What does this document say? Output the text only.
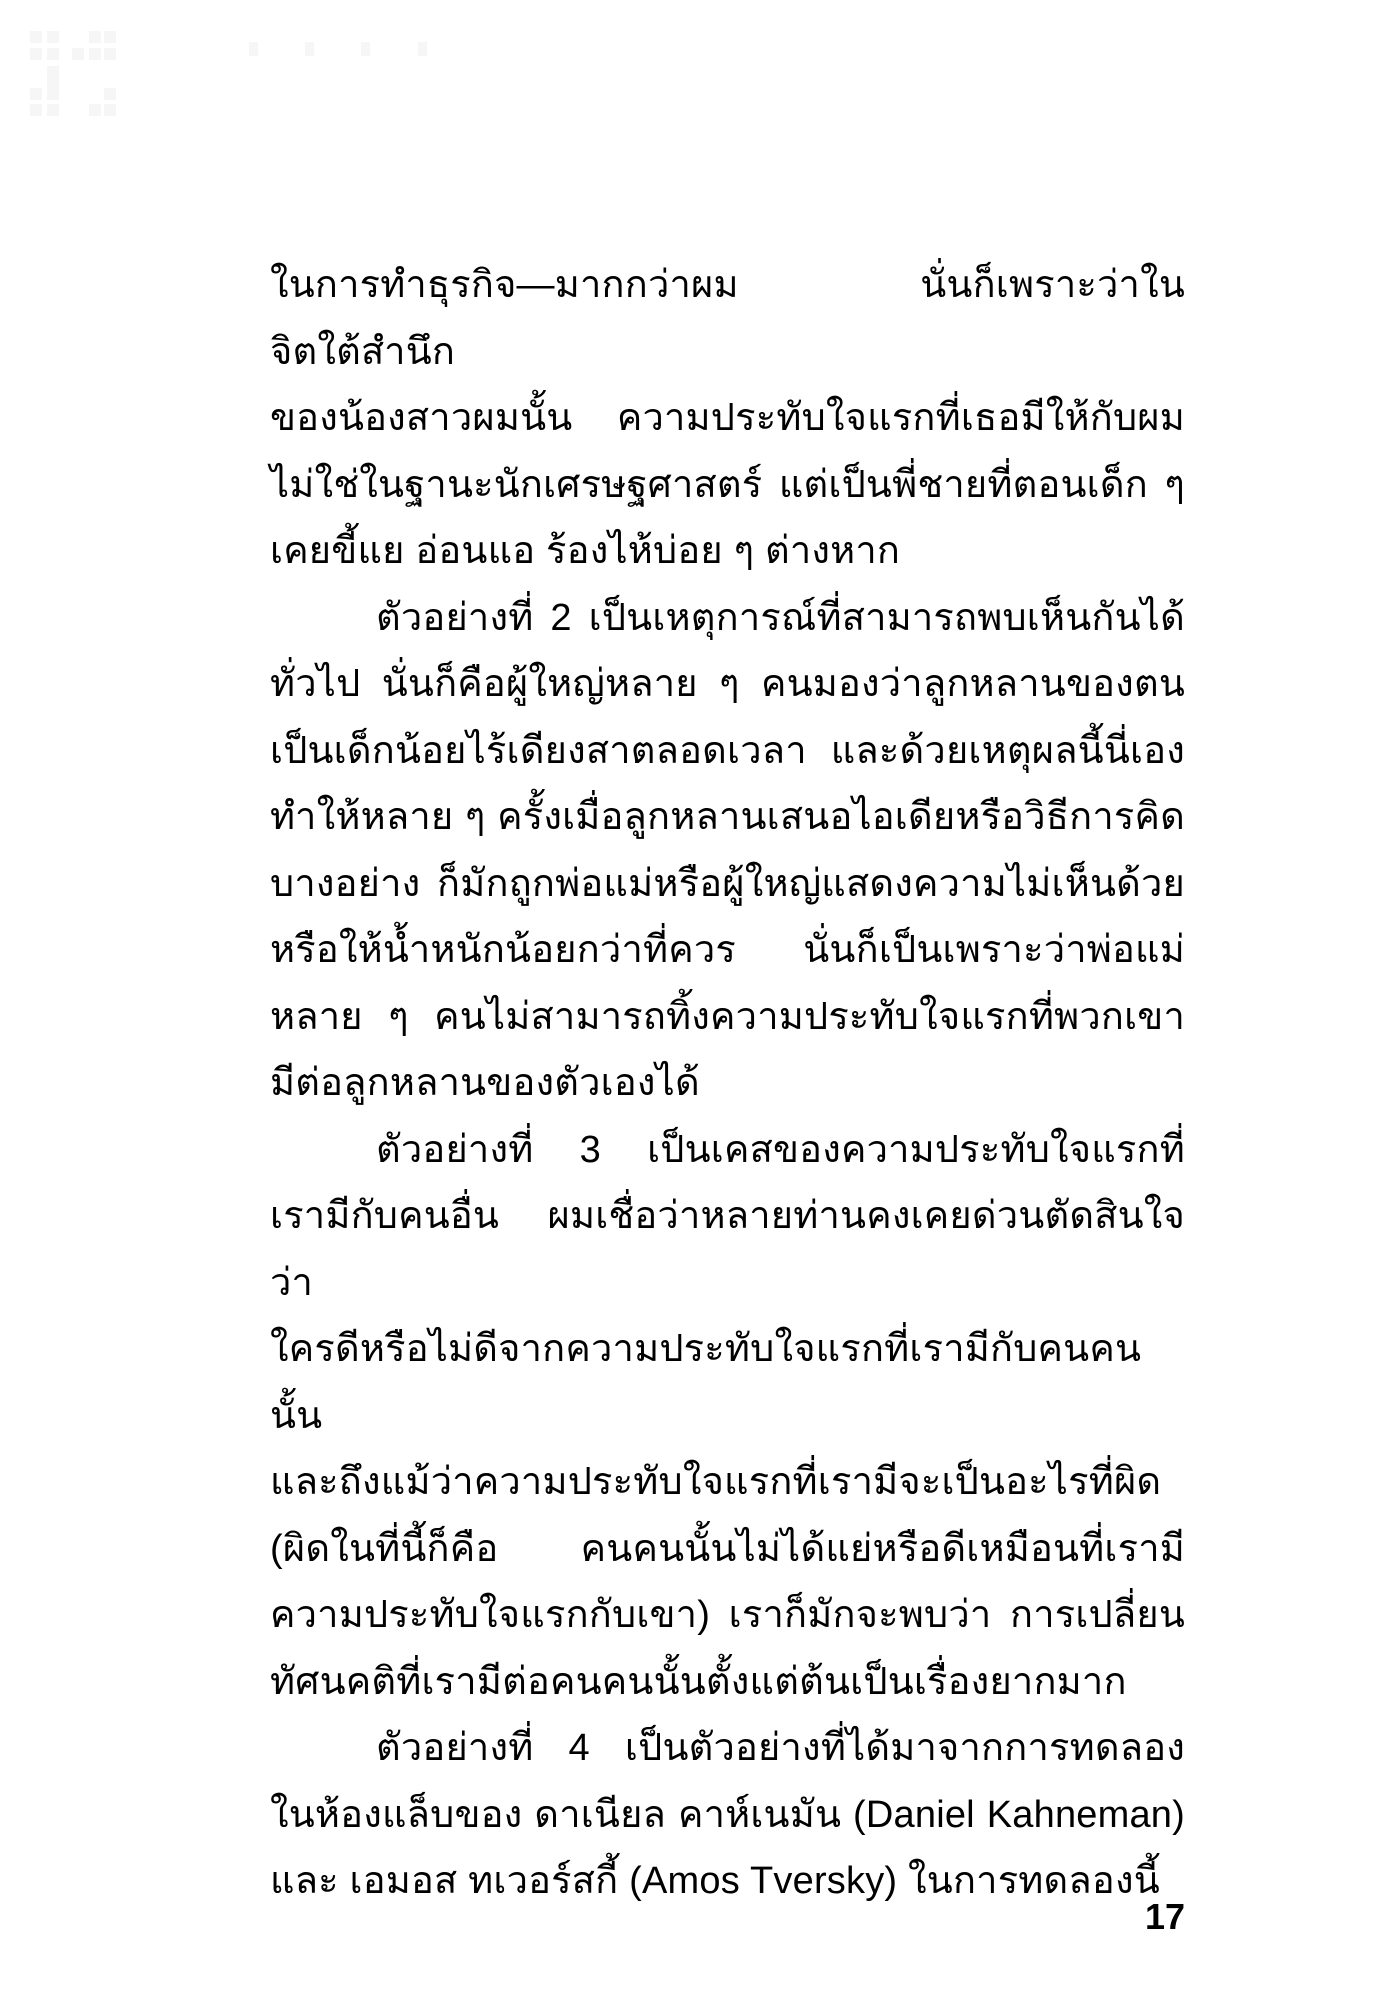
ในการทำธุรกิจ—มากกว่าผม นั่นก็เพราะว่าในจิตใต้สำนึก
ของน้องสาวผมนั้น ความประทับใจแรกที่เธอมีให้กับผม
ไม่ใช่ในฐานะนักเศรษฐศาสตร์ แต่เป็นพี่ชายที่ตอนเด็ก ๆ
เคยขี้แย อ่อนแอ ร้องไห้บ่อย ๆ ต่างหาก
ตัวอย่างที่ 2 เป็นเหตุการณ์ที่สามารถพบเห็นกันได้
ทั่วไป นั่นก็คือผู้ใหญ่หลาย ๆ คนมองว่าลูกหลานของตน
เป็นเด็กน้อยไร้เดียงสาตลอดเวลา และด้วยเหตุผลนี้นี่เอง
ทำให้หลาย ๆ ครั้งเมื่อลูกหลานเสนอไอเดียหรือวิธีการคิด
บางอย่าง ก็มักถูกพ่อแม่หรือผู้ใหญ่แสดงความไม่เห็นด้วย
หรือให้น้ำหนักน้อยกว่าที่ควร นั่นก็เป็นเพราะว่าพ่อแม่
หลาย ๆ คนไม่สามารถทิ้งความประทับใจแรกที่พวกเขา
มีต่อลูกหลานของตัวเองได้
ตัวอย่างที่ 3 เป็นเคสของความประทับใจแรกที่
เรามีกับคนอื่น ผมเชื่อว่าหลายท่านคงเคยด่วนตัดสินใจว่า
ใครดีหรือไม่ดีจากความประทับใจแรกที่เรามีกับคนคนนั้น
และถึงแม้ว่าความประทับใจแรกที่เรามีจะเป็นอะไรที่ผิด
(ผิดในที่นี้ก็คือ คนคนนั้นไม่ได้แย่หรือดีเหมือนที่เรามี
ความประทับใจแรกกับเขา) เราก็มักจะพบว่า การเปลี่ยน
ทัศนคติที่เรามีต่อคนคนนั้นตั้งแต่ต้นเป็นเรื่องยากมาก
ตัวอย่างที่ 4 เป็นตัวอย่างที่ได้มาจากการทดลอง
ในห้องแล็บของ ดาเนียล คาห์เนมัน (Daniel Kahneman)
และ เอมอส ทเวอร์สกี้ (Amos Tversky) ในการทดลองนี้
17
